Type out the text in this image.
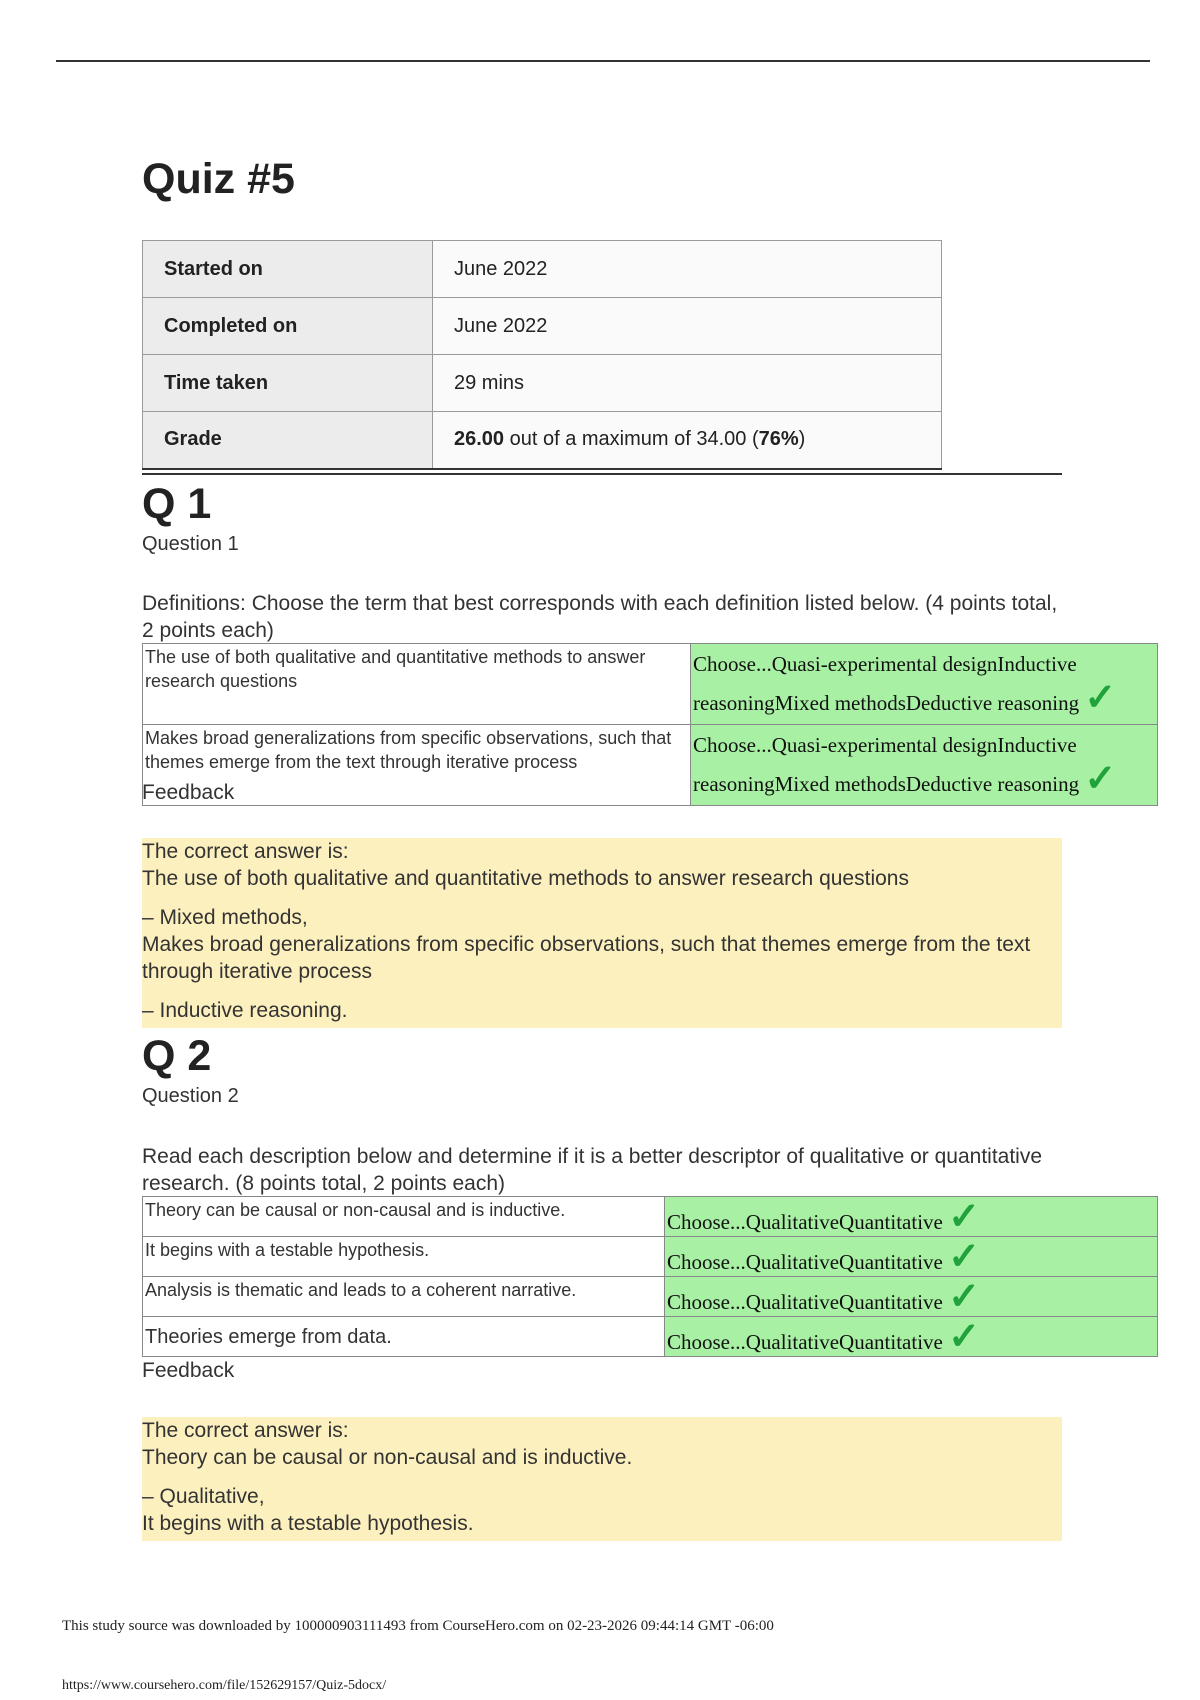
Quiz #5
Started on	June 2022
Completed on	June 2022
Time taken	29 mins
Grade	26.00 out of a maximum of 34.00 (76%)
Q 1
Question 1
Definitions: Choose the term that best corresponds with each definition listed below. (4 points total, 2 points each)
The use of both qualitative and quantitative methods to answer research questions	Choose...Quasi-experimental designInductive reasoningMixed methodsDeductive reasoning ✓
Makes broad generalizations from specific observations, such that themes emerge from the text through iterative process	Choose...Quasi-experimental designInductive reasoningMixed methodsDeductive reasoning ✓
Feedback

The correct answer is:

The use of both qualitative and quantitative methods to answer research questions

– Mixed methods,

Makes broad generalizations from specific observations, such that themes emerge from the text through iterative process

– Inductive reasoning.

Q 2
Question 2
Read each description below and determine if it is a better descriptor of qualitative or quantitative research. (8 points total, 2 points each)
Theory can be causal or non-causal and is inductive.	Choose...QualitativeQuantitative ✓
It begins with a testable hypothesis.	Choose...QualitativeQuantitative ✓
Analysis is thematic and leads to a coherent narrative.	Choose...QualitativeQuantitative ✓
Theories emerge from data.	Choose...QualitativeQuantitative ✓
Feedback

The correct answer is:

Theory can be causal or non-causal and is inductive.

– Qualitative,

It begins with a testable hypothesis.

This study source was downloaded by 100000903111493 from CourseHero.com on 02-23-2026 09:44:14 GMT -06:00
https://www.coursehero.com/file/152629157/Quiz-5docx/
